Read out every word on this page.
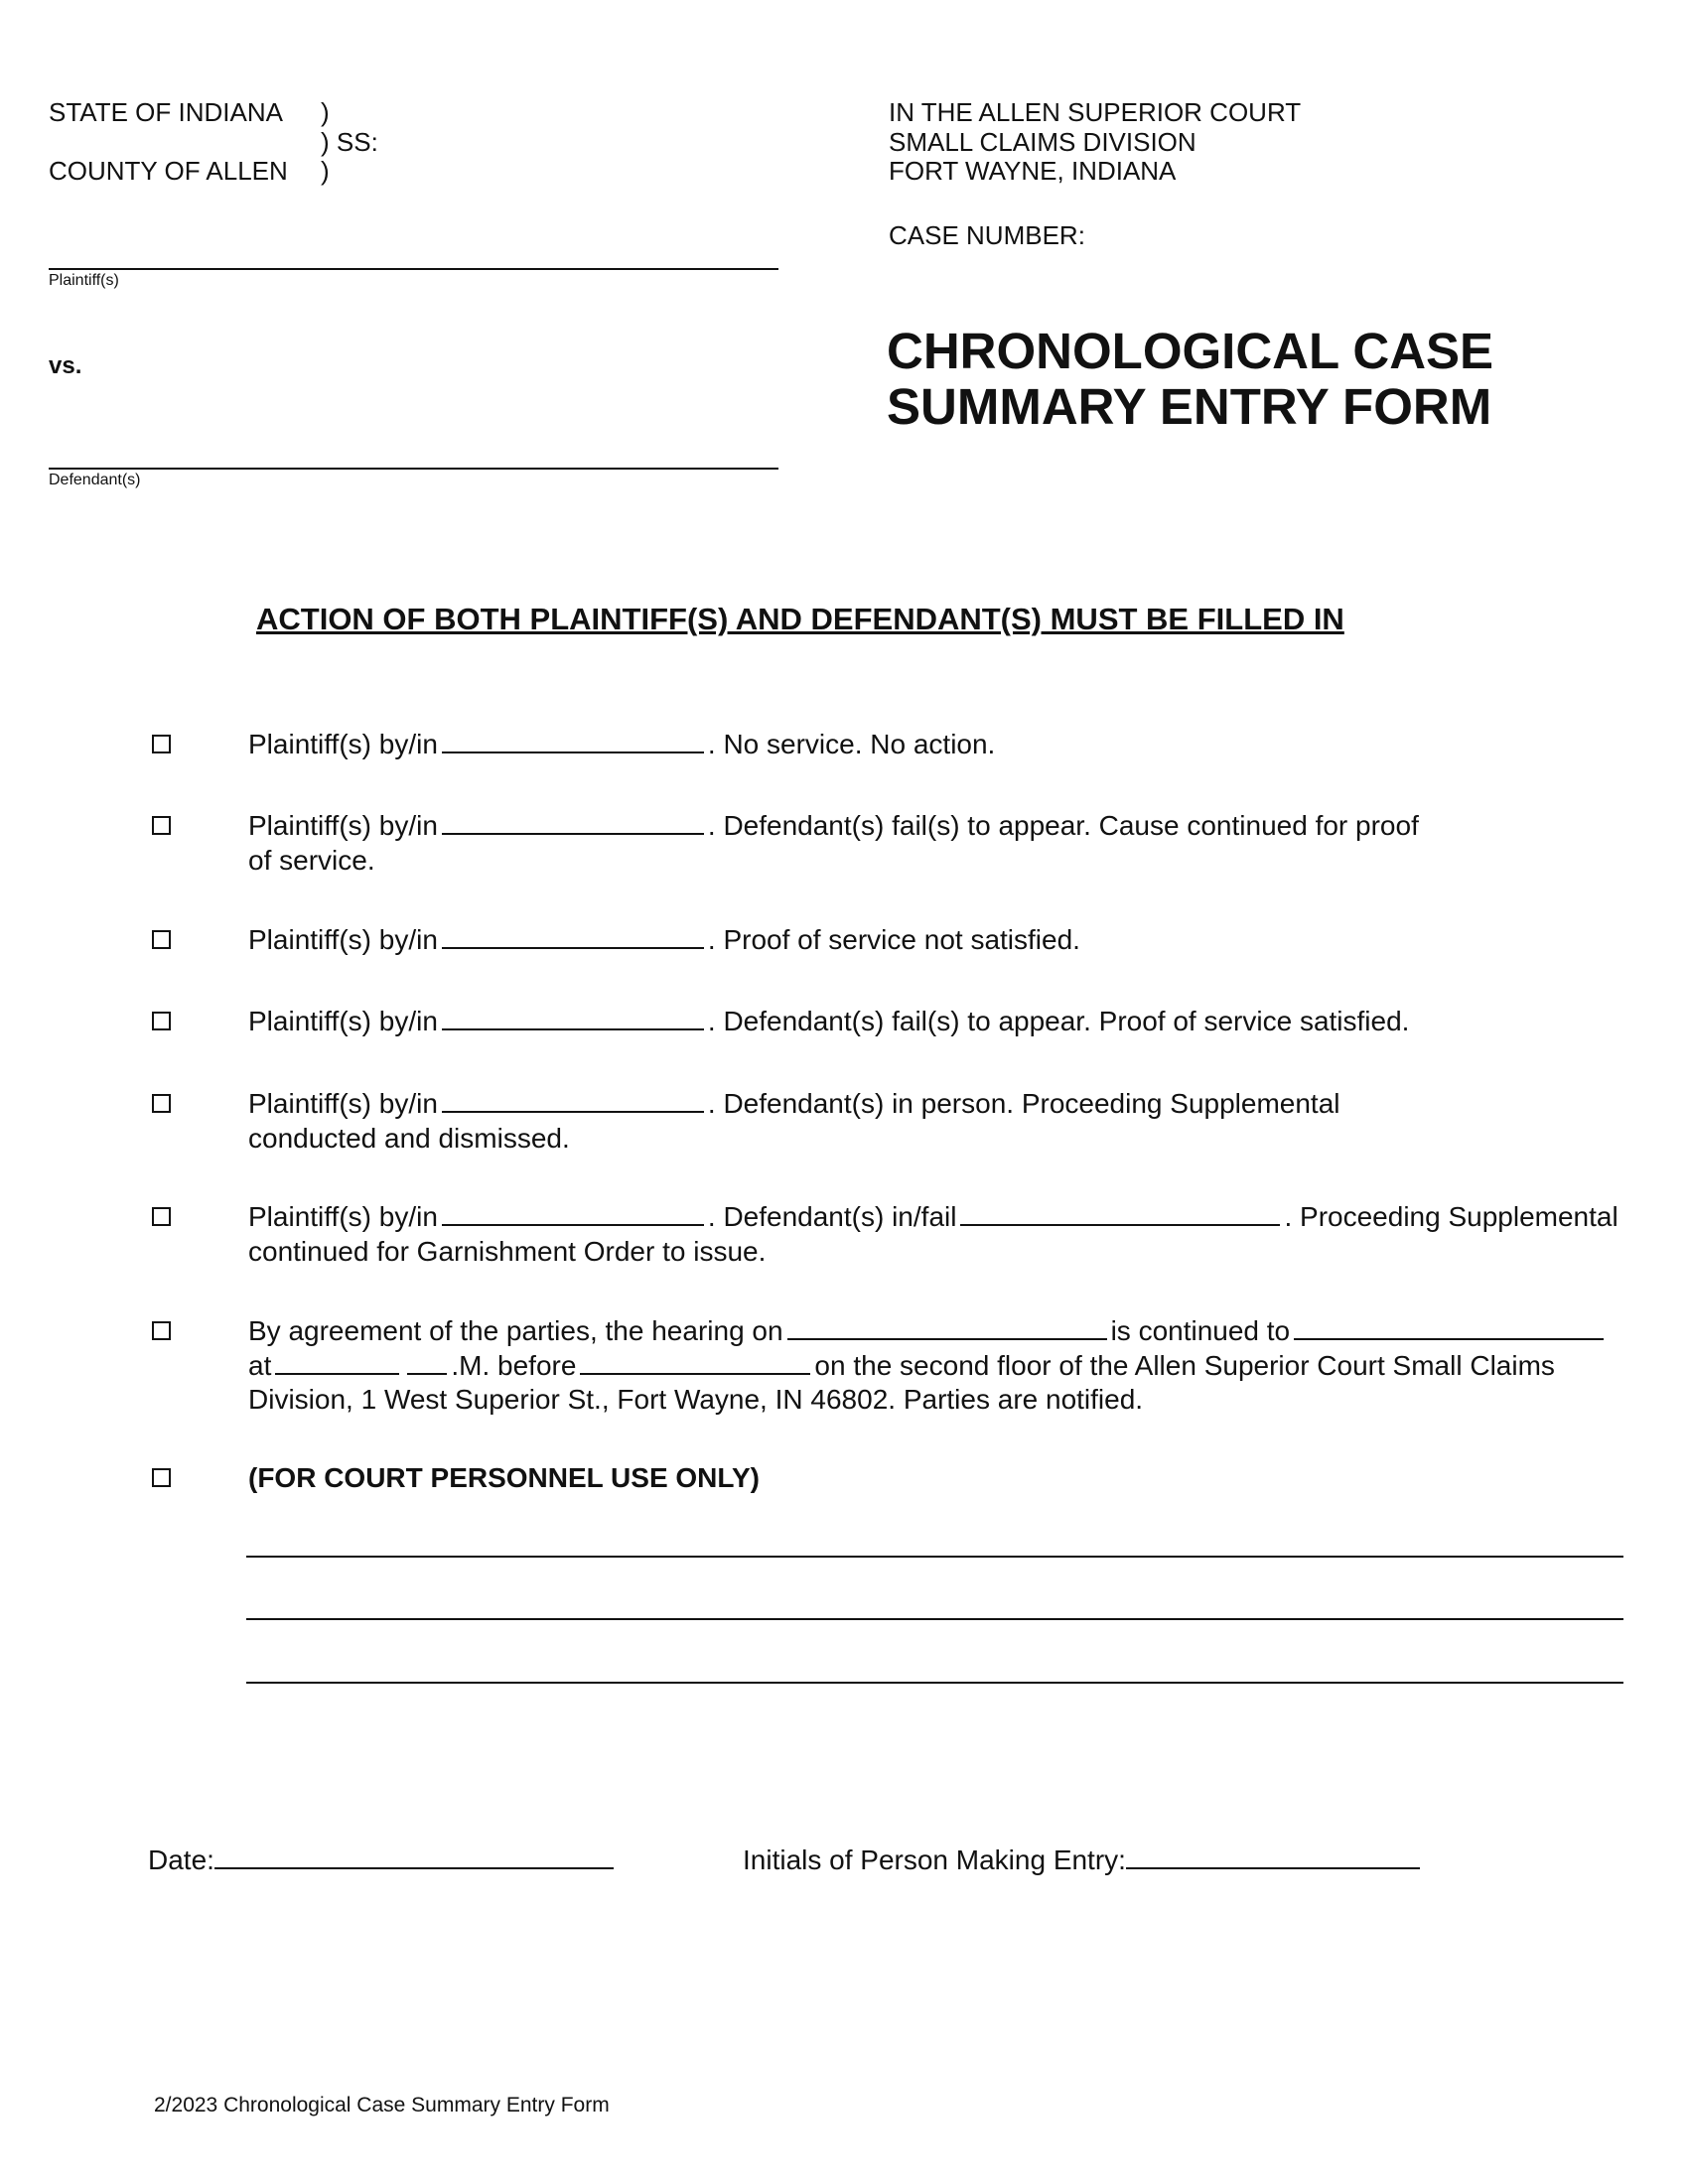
STATE OF INDIANA )
) SS:
COUNTY OF ALLEN )
Plaintiff(s)
vs.
Defendant(s)
IN THE ALLEN SUPERIOR COURT
SMALL CLAIMS DIVISION
FORT WAYNE, INDIANA
CASE NUMBER:
CHRONOLOGICAL CASE
SUMMARY ENTRY FORM
ACTION OF BOTH PLAINTIFF(S) AND DEFENDANT(S) MUST BE FILLED IN
Plaintiff(s) by/in	. No service. No action.
Plaintiff(s) by/in	. Defendant(s) fail(s) to appear. Cause continued for proof
of service.
Plaintiff(s) by/in	. Proof of service not satisfied.
Plaintiff(s) by/in	. Defendant(s) fail(s) to appear. Proof of service satisfied.
Plaintiff(s) by/in	. Defendant(s) in person. Proceeding Supplemental
conducted and dismissed.
Plaintiff(s) by/in	. Defendant(s) in/fail	. Proceeding Supplemental
continued for Garnishment Order to issue.
By agreement of the parties, the hearing on	is continued to
at	.M. before	on the second floor of the Allen Superior Court Small Claims
Division, 1 West Superior St., Fort Wayne, IN 46802. Parties are notified.
(FOR COURT PERSONNEL USE ONLY)
Date:	Initials of Person Making Entry:
2/2023 Chronological Case Summary Entry Form
